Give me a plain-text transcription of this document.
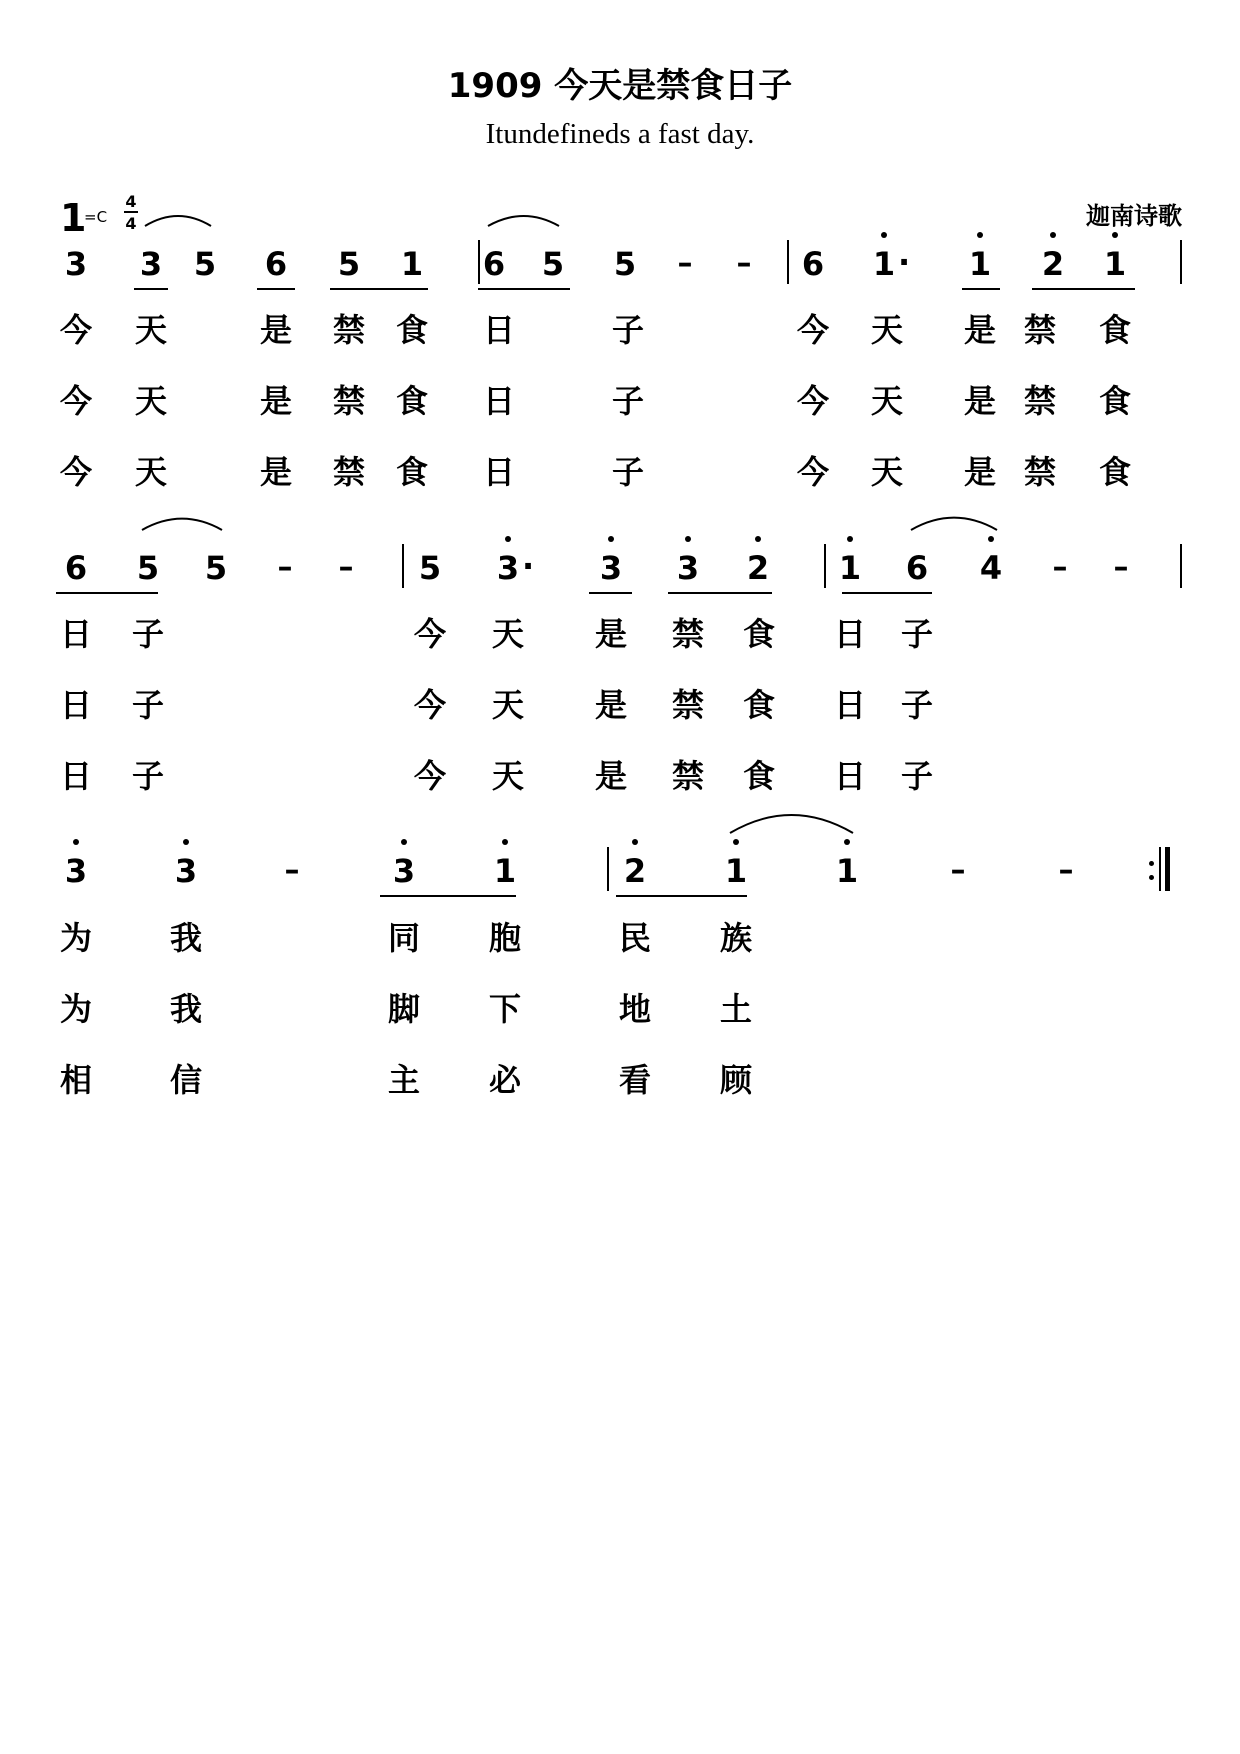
1909 今天是禁食日子
Itundefineds a fast day.
迦南诗歌
1
=C
4
4
3 3 5 6 5 1 6 5 5	–	–	6 1 · 1 2 1
今 天	是 禁 食 日	子	今 天 是 禁 食
今 天	是 禁 食 日	子	今 天 是 禁 食
今 天	是 禁 食 日	子	今 天 是 禁 食
6 5 5	–	–	5 3 · 3 3 2 1 6 4	–	–
日 子	今 天 是 禁 食 日 子
日 子	今 天 是 禁 食 日 子
日 子	今 天 是 禁 食 日 子
3	3	–	3 1	2 1	1	–	–
为 我	同 胞	民 族
为 我	脚 下	地 土
相 信	主 必	看 顾
